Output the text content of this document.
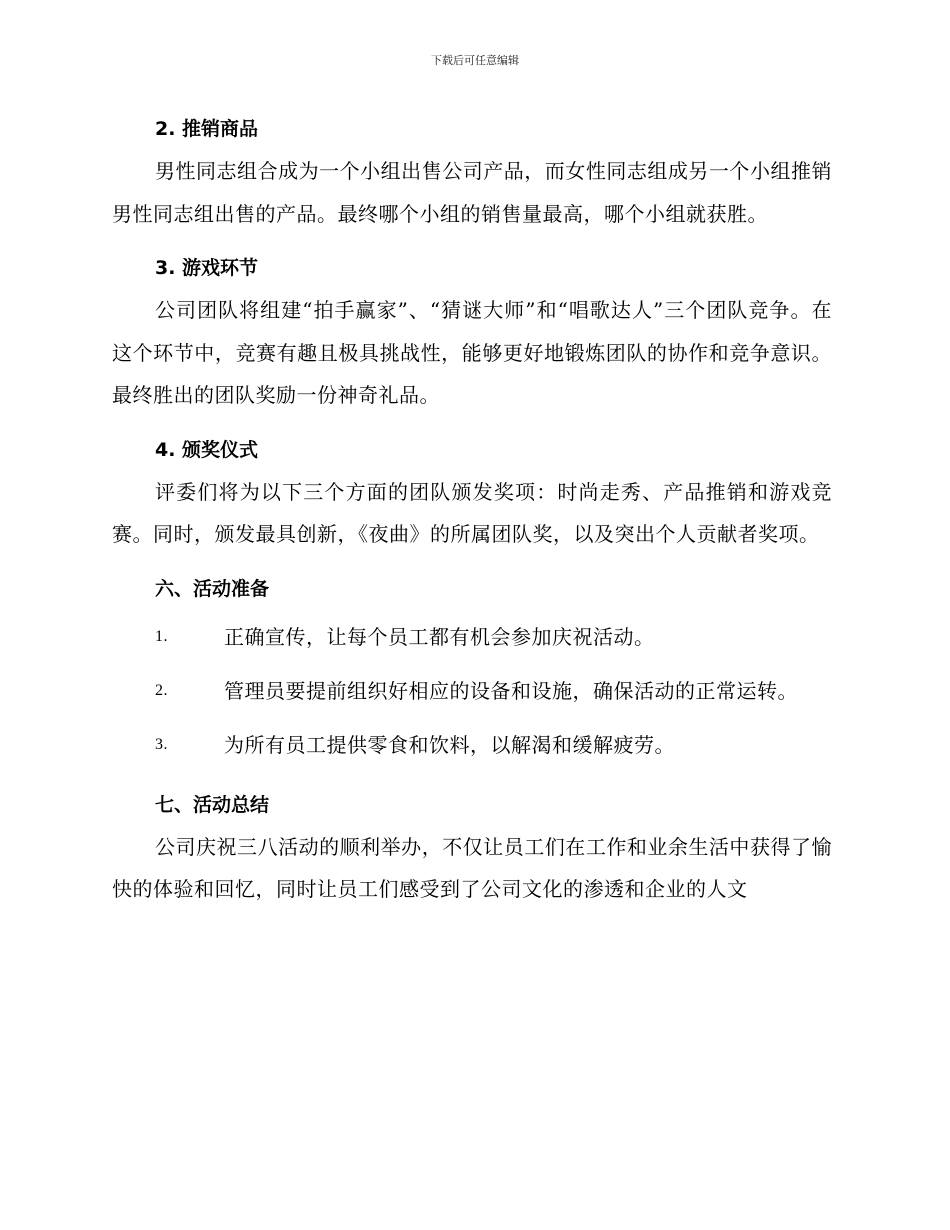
下载后可任意编辑
2. 推销商品

男性同志组合成为一个小组出售公司产品，而女性同志组成另一个小组推销男性同志组出售的产品。最终哪个小组的销售量最高，哪个小组就获胜。

3. 游戏环节

公司团队将组建“拍手赢家”、“猜谜大师”和“唱歌达人”三个团队竞争。在这个环节中，竞赛有趣且极具挑战性，能够更好地锻炼团队的协作和竞争意识。最终胜出的团队奖励一份神奇礼品。

4. 颁奖仪式

评委们将为以下三个方面的团队颁发奖项：时尚走秀、产品推销和游戏竞赛。同时，颁发最具创新，《夜曲》的所属团队奖，以及突出个人贡献者奖项。

六、活动准备
1.	正确宣传，让每个员工都有机会参加庆祝活动。
2.	管理员要提前组织好相应的设备和设施，确保活动的正常运转。
3.	为所有员工提供零食和饮料，以解渴和缓解疲劳。
七、活动总结

公司庆祝三八活动的顺利举办，不仅让员工们在工作和业余生活中获得了愉快的体验和回忆，同时让员工们感受到了公司文化的渗透和企业的人文
